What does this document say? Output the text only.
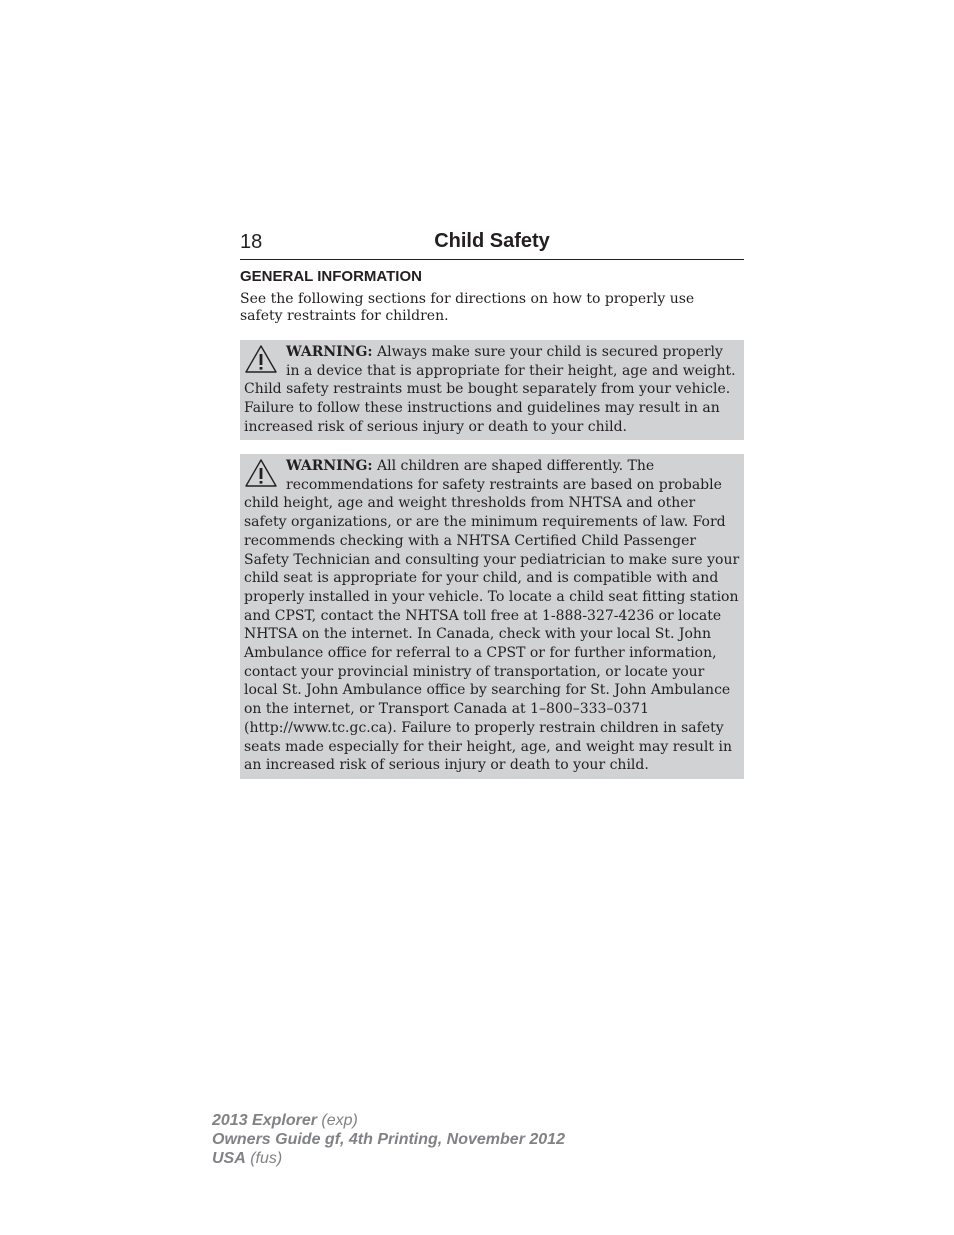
18	Child Safety
GENERAL INFORMATION

See the following sections for directions on how to properly use safety restraints for children.

WARNING: Always make sure your child is secured properly in a device that is appropriate for their height, age and weight. Child safety restraints must be bought separately from your vehicle. Failure to follow these instructions and guidelines may result in an increased risk of serious injury or death to your child.
WARNING: All children are shaped differently. The recommendations for safety restraints are based on probable child height, age and weight thresholds from NHTSA and other safety organizations, or are the minimum requirements of law. Ford recommends checking with a NHTSA Certified Child Passenger Safety Technician and consulting your pediatrician to make sure your child seat is appropriate for your child, and is compatible with and properly installed in your vehicle. To locate a child seat fitting station and CPST, contact the NHTSA toll free at 1-888-327-4236 or locate NHTSA on the internet. In Canada, check with your local St. John Ambulance office for referral to a CPST or for further information, contact your provincial ministry of transportation, or locate your local St. John Ambulance office by searching for St. John Ambulance on the internet, or Transport Canada at 1–800–333–0371 (http://www.tc.gc.ca). Failure to properly restrain children in safety seats made especially for their height, age, and weight may result in an increased risk of serious injury or death to your child.
2013 Explorer (exp)
Owners Guide gf, 4th Printing, November 2012
USA (fus)
